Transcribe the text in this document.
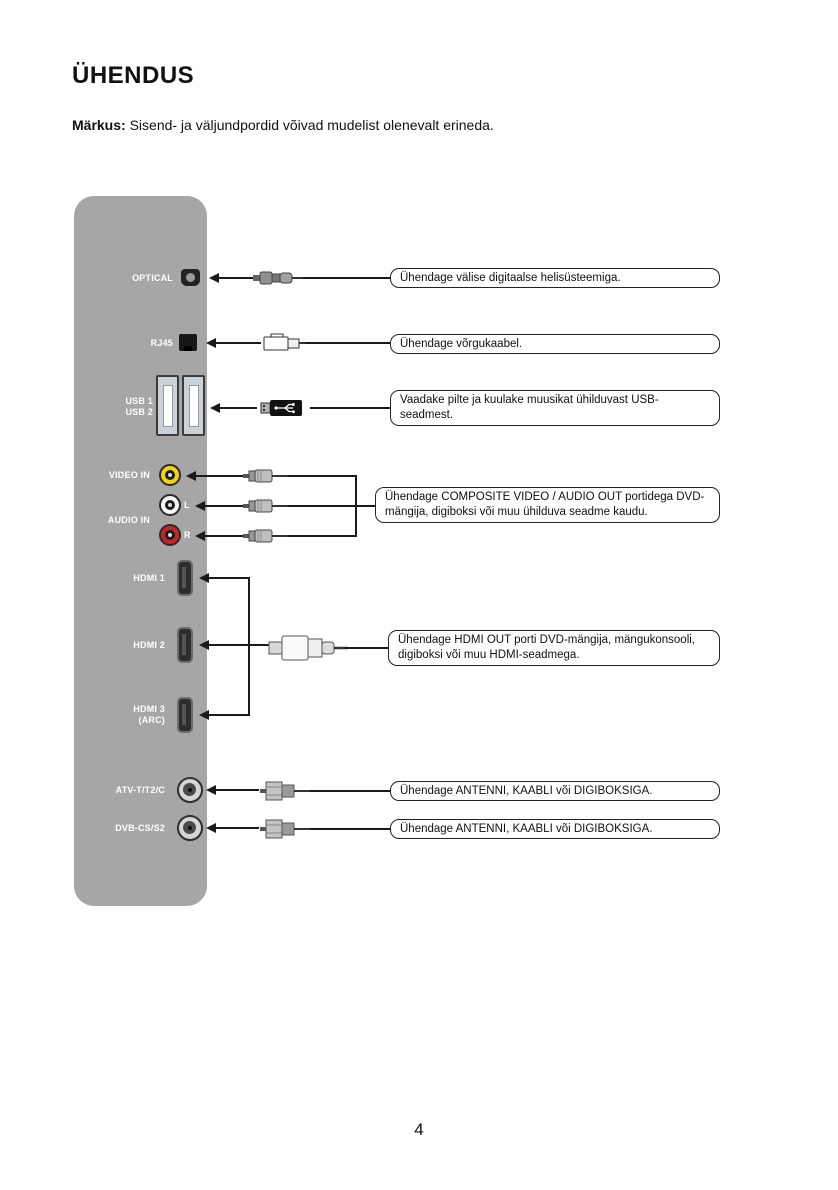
ÜHENDUS
Märkus: Sisend- ja väljundpordid võivad mudelist olenevalt erineda.
OPTICAL
RJ45
USB 1
USB 2
VIDEO IN
AUDIO IN
HDMI 1
HDMI 2
HDMI 3
(ARC)
ATV-T/T2/C
DVB-CS/S2
L
R
Ühendage välise digitaalse helisüsteemiga.
Ühendage võrgukaabel.
Vaadake pilte ja kuulake muusikat ühilduvast USB-seadmest.
Ühendage COMPOSITE VIDEO / AUDIO OUT portidega DVD-mängija, digiboksi või muu ühilduva seadme kaudu.
Ühendage HDMI OUT porti DVD-mängija, mängukonsooli, digiboksi või muu HDMI-seadmega.
Ühendage ANTENNI, KAABLI või DIGIBOKSIGA.
Ühendage ANTENNI, KAABLI või DIGIBOKSIGA.
4
